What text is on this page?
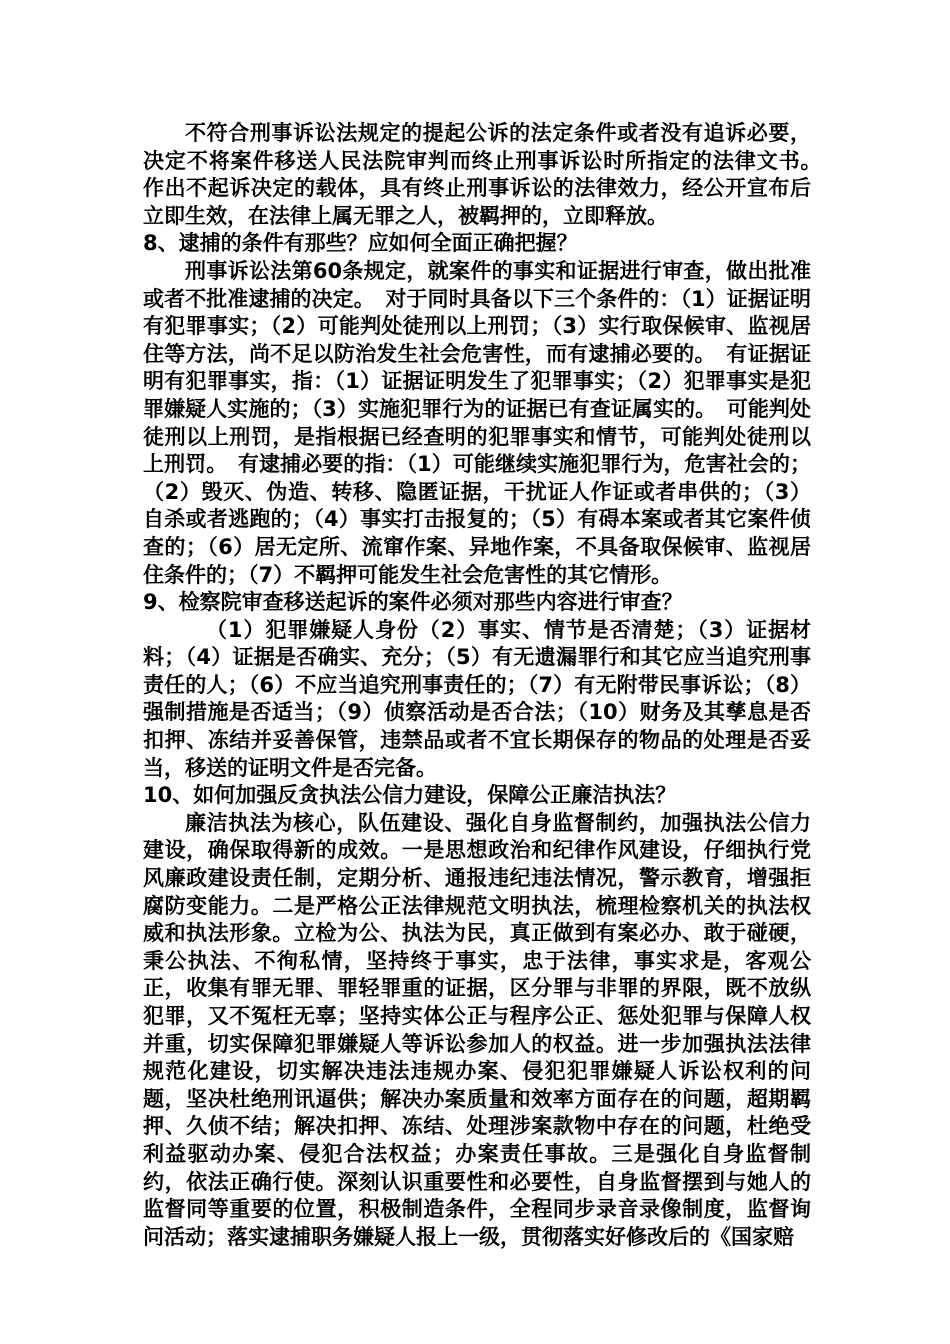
不符合刑事诉讼法规定的提起公诉的法定条件或者没有追诉必要，决定不将案件移送人民法院审判而终止刑事诉讼时所指定的法律文书。　作出不起诉决定的载体，具有终止刑事诉讼的法律效力，经公开宣布后立即生效，在法律上属无罪之人，被羁押的，立即释放。

8、逮捕的条件有那些？应如何全面正确把握？

刑事诉讼法第60条规定，就案件的事实和证据进行审查，做出批准或者不批准逮捕的决定。　对于同时具备以下三个条件的：（1）证据证明有犯罪事实；（2）可能判处徒刑以上刑罚；（3）实行取保候审、监视居住等方法，尚不足以防治发生社会危害性，而有逮捕必要的。　有证据证明有犯罪事实，指：（1）证据证明发生了犯罪事实；（2）犯罪事实是犯罪嫌疑人实施的；（3）实施犯罪行为的证据已有查证属实的。　可能判处徒刑以上刑罚，是指根据已经查明的犯罪事实和情节，可能判处徒刑以上刑罚。　有逮捕必要的指：（1）可能继续实施犯罪行为，危害社会的；（2）毁灭、伪造、转移、隐匿证据，干扰证人作证或者串供的；（3）自杀或者逃跑的；（4）事实打击报复的；（5）有碍本案或者其它案件侦查的；（6）居无定所、流窜作案、异地作案，不具备取保候审、监视居住条件的；（7）不羁押可能发生社会危害性的其它情形。

9、检察院审查移送起诉的案件必须对那些内容进行审查？

（1）犯罪嫌疑人身份（2）事实、情节是否清楚；（3）证据材料；（4）证据是否确实、充分；（5）有无遗漏罪行和其它应当追究刑事责任的人；（6）不应当追究刑事责任的；（7）有无附带民事诉讼；（8）强制措施是否适当；（9）侦察活动是否合法；（10）财务及其孳息是否扣押、冻结并妥善保管，违禁品或者不宜长期保存的物品的处理是否妥当，移送的证明文件是否完备。

10、如何加强反贪执法公信力建设，保障公正廉洁执法？

廉洁执法为核心，队伍建设、强化自身监督制约，加强执法公信力建设，确保取得新的成效。一是思想政治和纪律作风建设，仔细执行党风廉政建设责任制，定期分析、通报违纪违法情况，警示教育，增强拒腐防变能力。二是严格公正法律规范文明执法，梳理检察机关的执法权威和执法形象。立检为公、执法为民，真正做到有案必办、敢于碰硬，秉公执法、不徇私情，坚持终于事实，忠于法律，事实求是，客观公正，收集有罪无罪、罪轻罪重的证据，区分罪与非罪的界限，既不放纵犯罪，又不冤枉无辜；坚持实体公正与程序公正、惩处犯罪与保障人权并重，切实保障犯罪嫌疑人等诉讼参加人的权益。进一步加强执法法律规范化建设，切实解决违法违规办案、侵犯犯罪嫌疑人诉讼权利的问题，坚决杜绝刑讯逼供；解决办案质量和效率方面存在的问题，超期羁押、久侦不结；解决扣押、冻结、处理涉案款物中存在的问题，杜绝受利益驱动办案、侵犯合法权益；办案责任事故。三是强化自身监督制约，依法正确行使。深刻认识重要性和必要性，自身监督摆到与她人的监督同等重要的位置，积极制造条件，全程同步录音录像制度，监督询问活动；落实逮捕职务嫌疑人报上一级，贯彻落实好修改后的《国家赔
